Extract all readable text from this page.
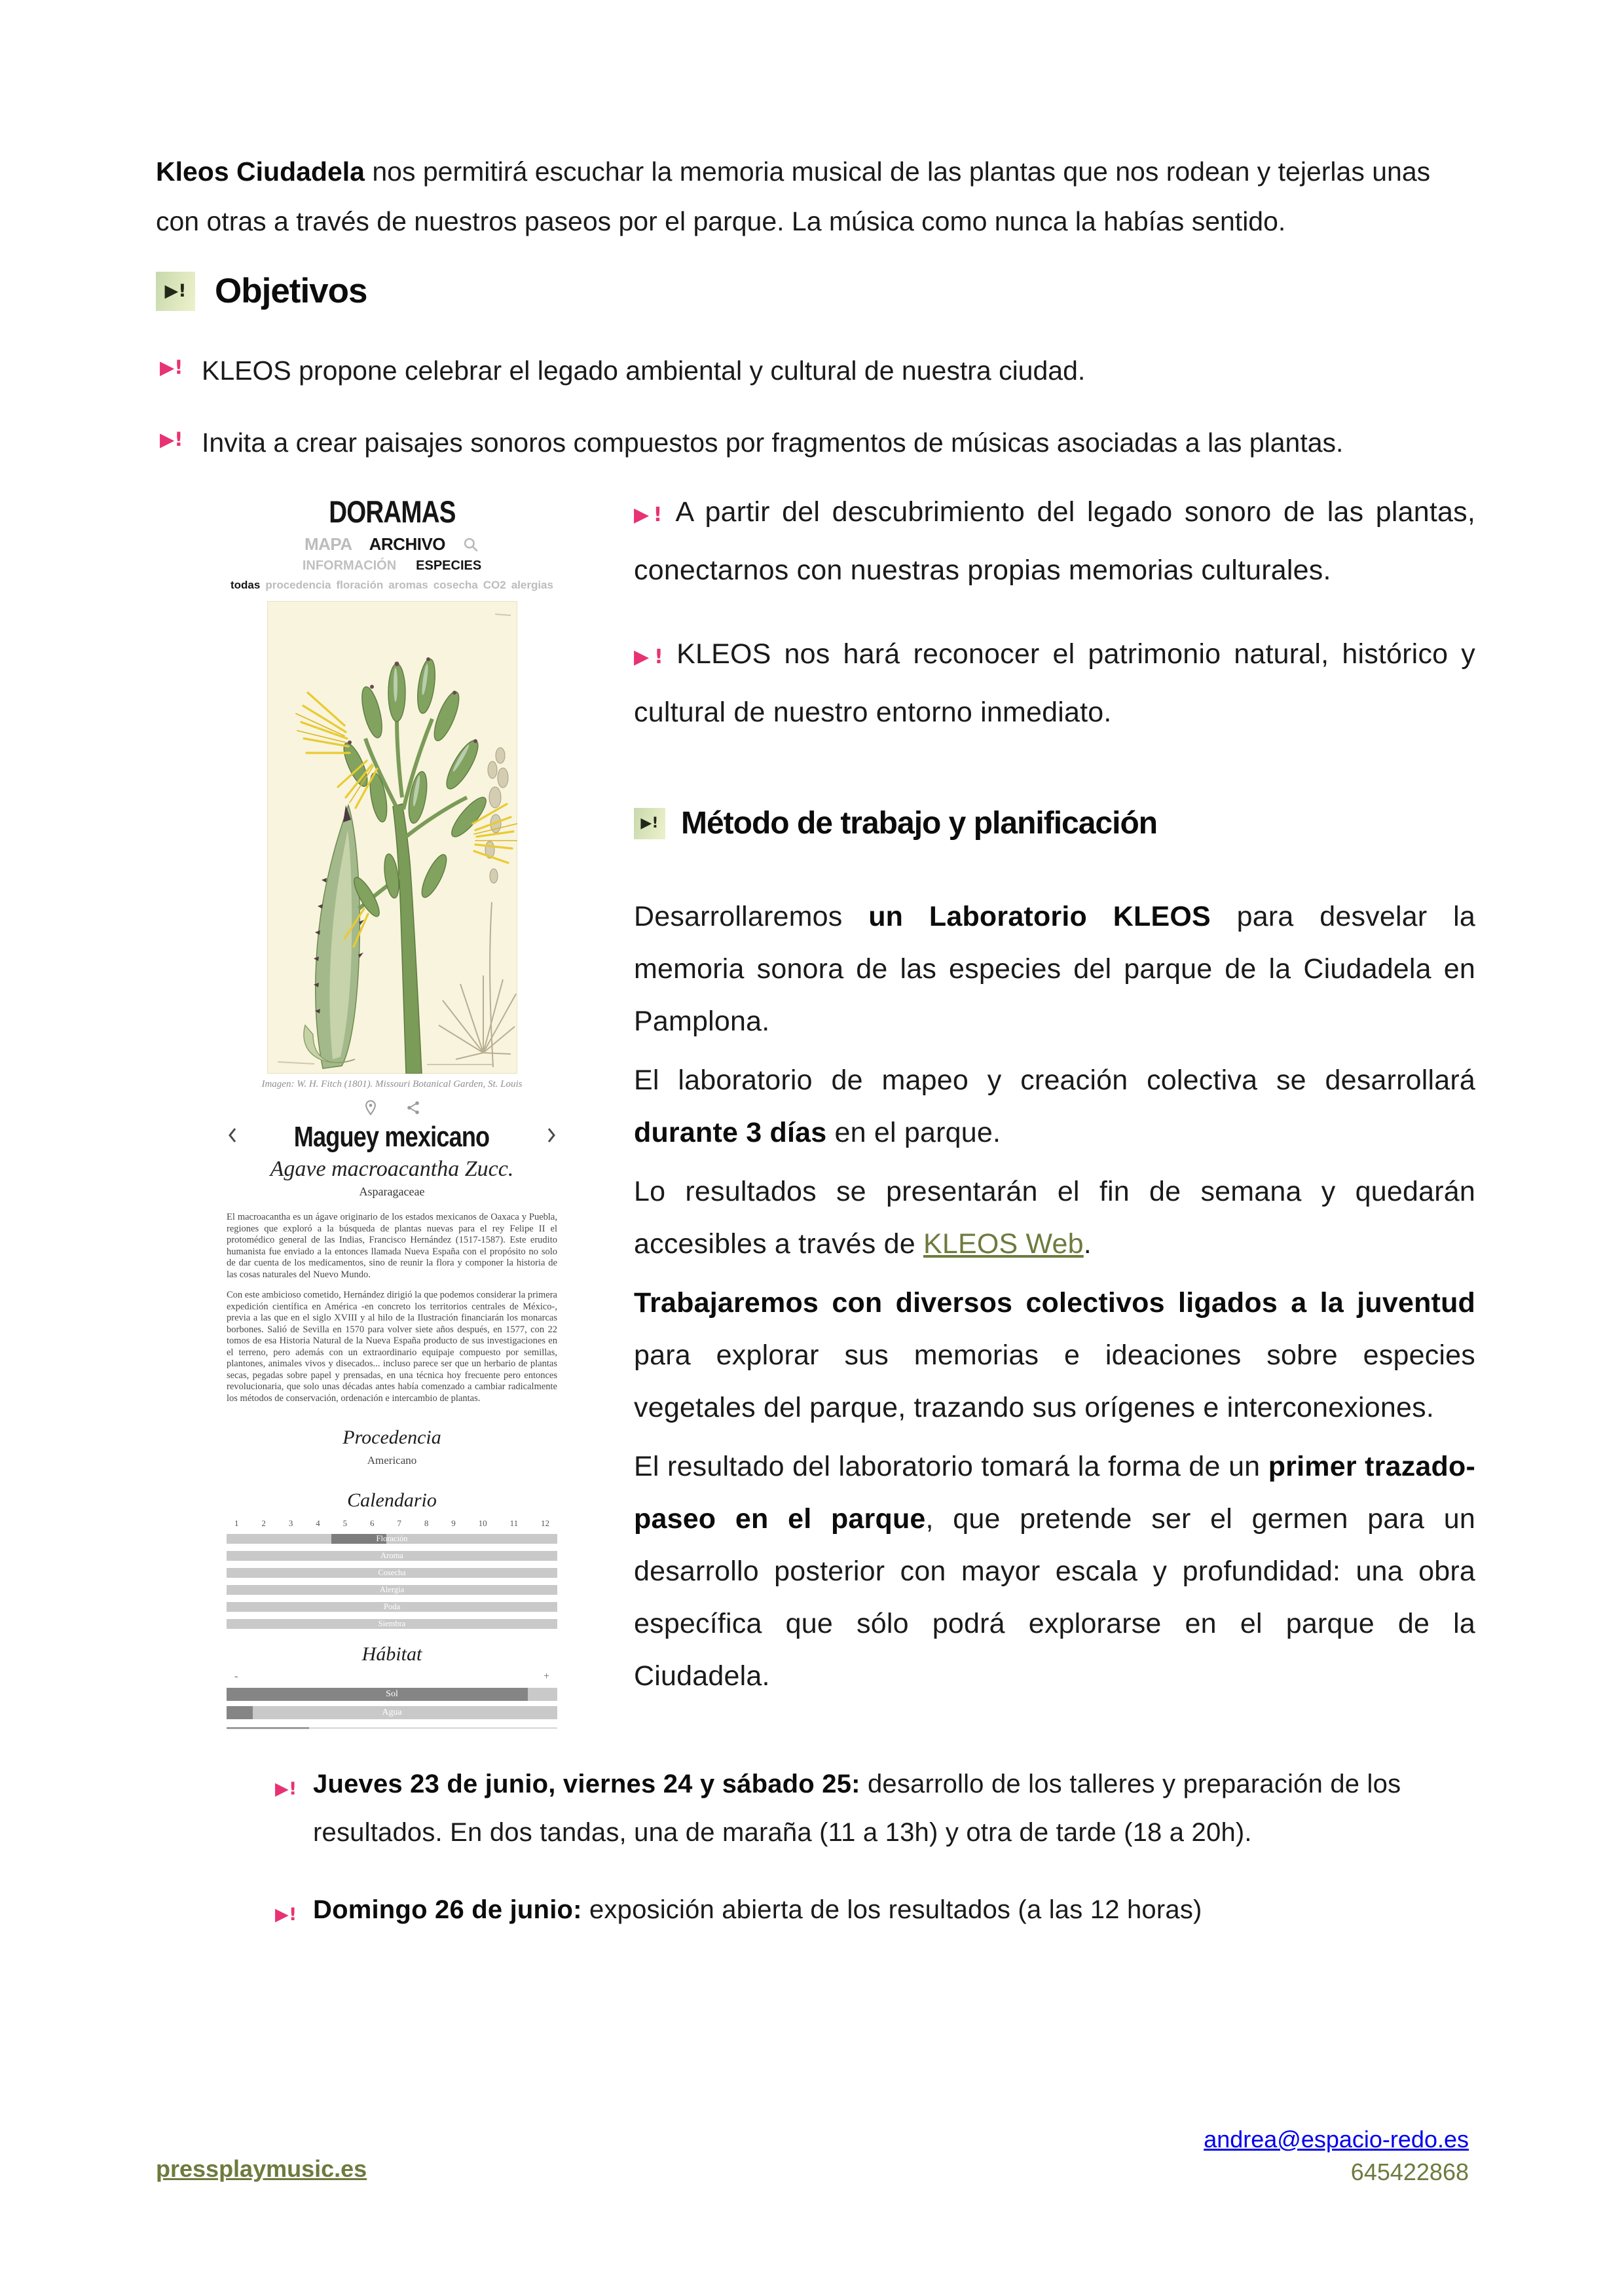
Kleos Ciudadela nos permitirá escuchar la memoria musical de las plantas que nos rodean y tejerlas unas con otras a través de nuestros paseos por el parque. La música como nunca la habías sentido.
▶! Objetivos
▶! KLEOS propone celebrar el legado ambiental y cultural de nuestra ciudad.
▶! Invita a crear paisajes sonoros compuestos por fragmentos de músicas asociadas a las plantas.
DORAMAS
MAPA ARCHIVO
INFORMACIÓN ESPECIES
todas procedencia floración aromas cosecha CO2 alergias
Imagen: W. H. Fitch (1801). Missouri Botanical Garden, St. Louis
Maguey mexicano
Agave macroacantha Zucc.
Asparagaceae

El macroacantha es un ágave originario de los estados mexicanos de Oaxaca y Puebla, regiones que exploró a la búsqueda de plantas nuevas para el rey Felipe II el protomédico general de las Indias, Francisco Hernández (1517-1587). Este erudito humanista fue enviado a la entonces llamada Nueva España con el propósito no solo de dar cuenta de los medicamentos, sino de reunir la flora y componer la historia de las cosas naturales del Nuevo Mundo.

Con este ambicioso cometido, Hernández dirigió la que podemos considerar la primera expedición científica en América -en concreto los territorios centrales de México-, previa a las que en el siglo XVIII y al hilo de la Ilustración financiarán los monarcas borbones. Salió de Sevilla en 1570 para volver siete años después, en 1577, con 22 tomos de esa Historia Natural de la Nueva España producto de sus investigaciones en el terreno, pero además con un extraordinario equipaje compuesto por semillas, plantones, animales vivos y disecados... incluso parece ser que un herbario de plantas secas, pegadas sobre papel y prensadas, en una técnica hoy frecuente pero entonces revolucionaria, que solo unas décadas antes había comenzado a cambiar radicalmente los métodos de conservación, ordenación e intercambio de plantas.

Procedencia
Americano
Calendario
1	2	3	4	5	6	7	8	9	10	11	12
Floración
Aroma
Cosecha
Alergia
Poda
Siembra
Hábitat
-	+
Sol
Agua

▶! A partir del descubrimiento del legado sonoro de las plantas, conectarnos con nuestras propias memorias culturales.

▶! KLEOS nos hará reconocer el patrimonio natural, histórico y cultural de nuestro entorno inmediato.

▶! Método de trabajo y planificación

Desarrollaremos un Laboratorio KLEOS para desvelar la memoria sonora de las especies del parque de la Ciudadela en Pamplona.

El laboratorio de mapeo y creación colectiva se desarrollará durante 3 días en el parque.

Lo resultados se presentarán el fin de semana y quedarán accesibles a través de KLEOS Web.

Trabajaremos con diversos colectivos ligados a la juventud para explorar sus memorias e ideaciones sobre especies vegetales del parque, trazando sus orígenes e interconexiones.

El resultado del laboratorio tomará la forma de un primer trazado-paseo en el parque, que pretende ser el germen para un desarrollo posterior con mayor escala y profundidad: una obra específica que sólo podrá explorarse en el parque de la Ciudadela.

▶! Jueves 23 de junio, viernes 24 y sábado 25: desarrollo de los talleres y preparación de los resultados. En dos tandas, una de maraña (11 a 13h) y otra de tarde (18 a 20h).
▶! Domingo 26 de junio: exposición abierta de los resultados (a las 12 horas)
pressplaymusic.es
andrea@espacio-redo.es
645422868
